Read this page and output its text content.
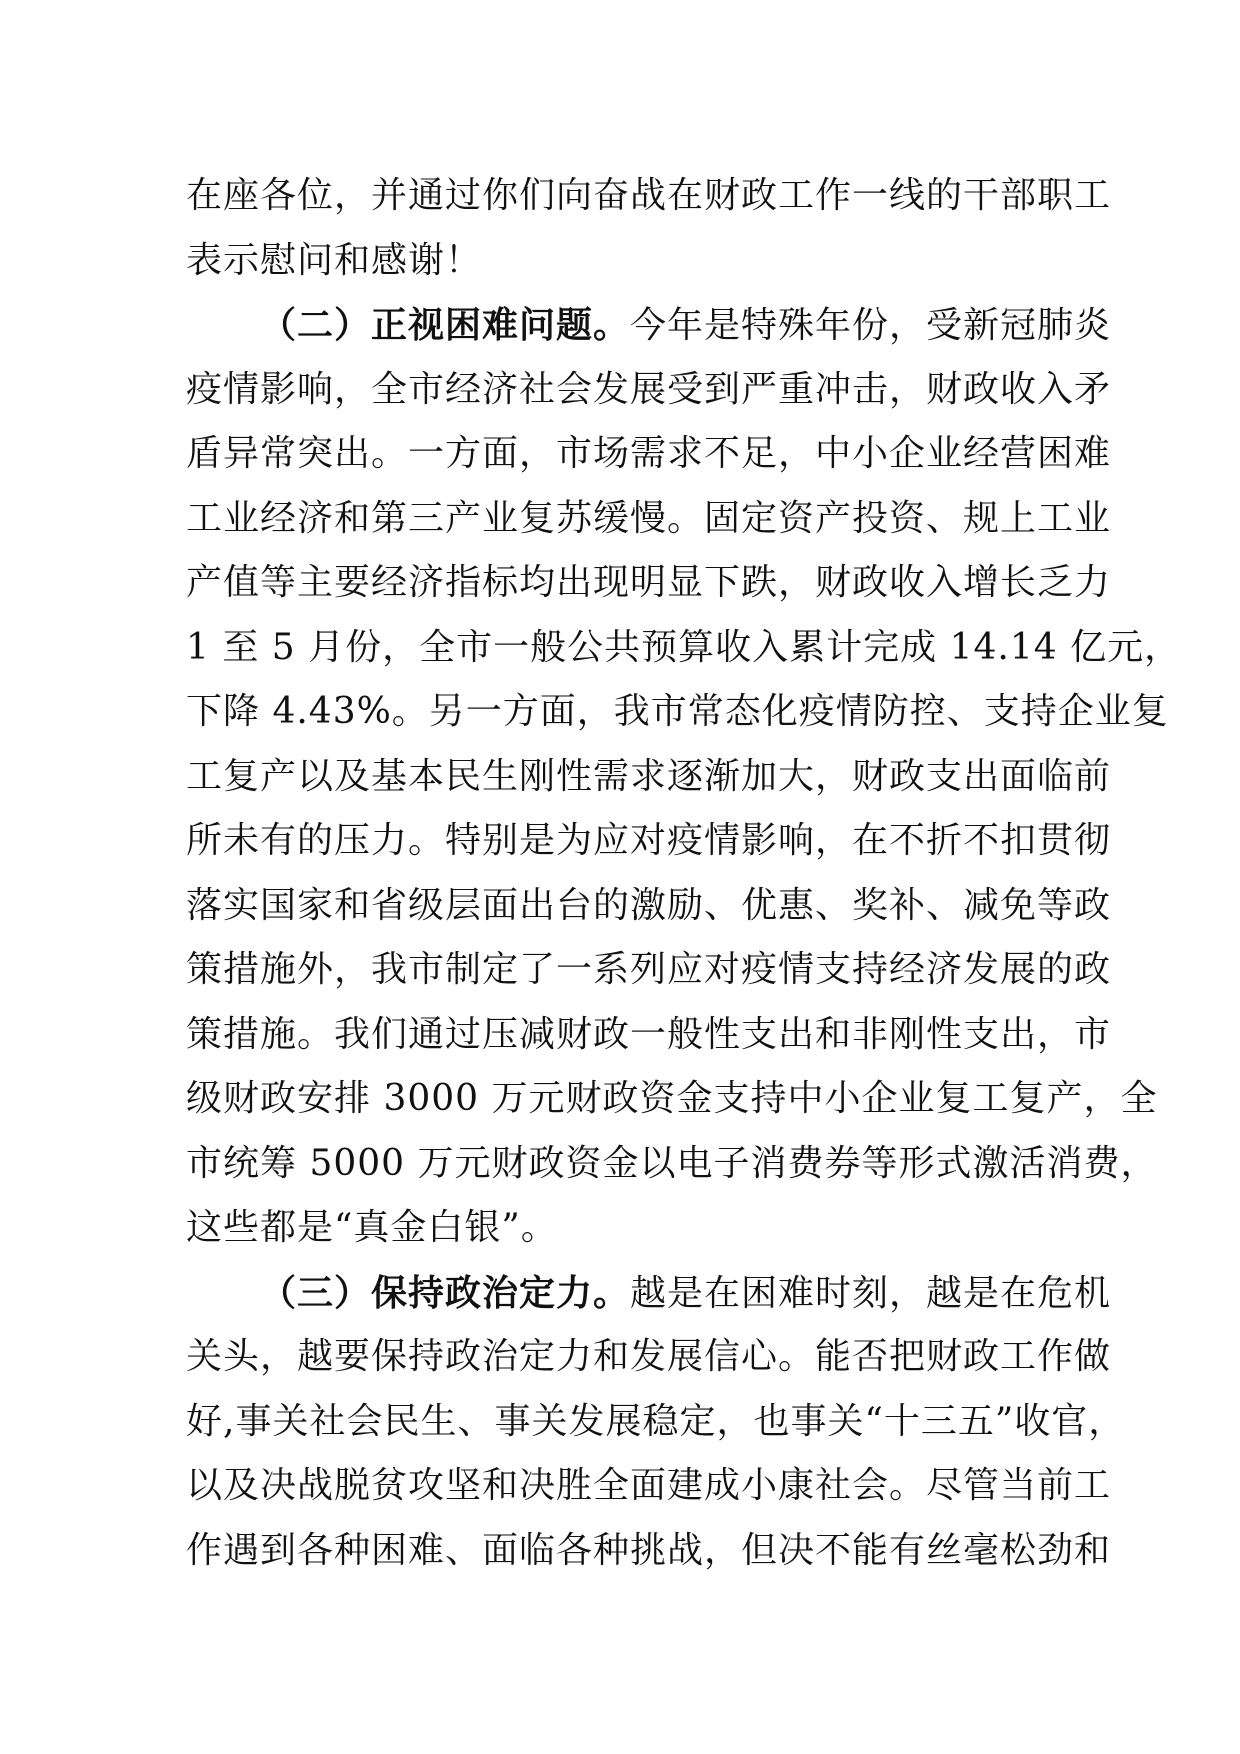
在座各位，并通过你们向奋战在财政工作一线的干部职工
表示慰问和感谢！
（二）正视困难问题。今年是特殊年份，受新冠肺炎
疫情影响，全市经济社会发展受到严重冲击，财政收入矛
盾异常突出。一方面，市场需求不足，中小企业经营困难
工业经济和第三产业复苏缓慢。固定资产投资、规上工业
产值等主要经济指标均出现明显下跌，财政收入增长乏力
1 至 5 月份，全市一般公共预算收入累计完成 14.14 亿元，
下降 4.43%。另一方面，我市常态化疫情防控、支持企业复
工复产以及基本民生刚性需求逐渐加大，财政支出面临前
所未有的压力。特别是为应对疫情影响，在不折不扣贯彻
落实国家和省级层面出台的激励、优惠、奖补、减免等政
策措施外，我市制定了一系列应对疫情支持经济发展的政
策措施。我们通过压减财政一般性支出和非刚性支出，市
级财政安排 3000 万元财政资金支持中小企业复工复产，全
市统筹 5000 万元财政资金以电子消费券等形式激活消费，
这些都是“真金白银”。
（三）保持政治定力。越是在困难时刻，越是在危机
关头，越要保持政治定力和发展信心。能否把财政工作做
好,事关社会民生、事关发展稳定，也事关“十三五”收官，
以及决战脱贫攻坚和决胜全面建成小康社会。尽管当前工
作遇到各种困难、面临各种挑战，但决不能有丝毫松劲和
